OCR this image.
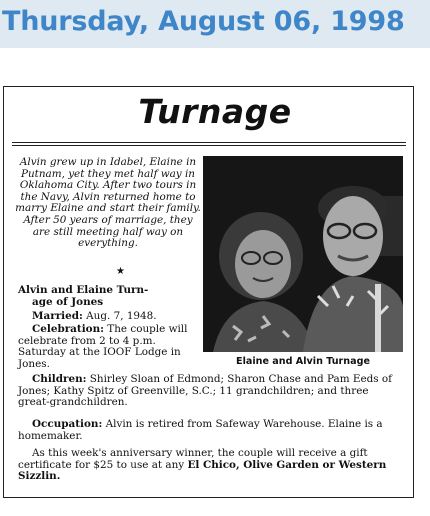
Thursday, August 06, 1998
Turnage
Alvin grew up in Idabel, Elaine in Putnam, yet they met half way in Oklahoma City. After two tours in the Navy, Alvin returned home to marry Elaine and start their family. After 50 years of marriage, they are still meeting half way on everything.
★
Elaine and Alvin Turnage
Alvin and Elaine Turn-
age of Jones
Married: Aug. 7, 1948.
Celebration: The couple will celebrate from 2 to 4 p.m. Saturday at the IOOF Lodge in Jones.
Children: Shirley Sloan of Edmond; Sharon Chase and Pam Eeds of Jones; Kathy Spitz of Greenville, S.C.; 11 grandchildren; and three great-grandchildren.
Occupation: Alvin is retired from Safeway Warehouse. Elaine is a homemaker.
As this week's anniversary winner, the couple will receive a gift certificate for $25 to use at any El Chico, Olive Garden or Western Sizzlin.
